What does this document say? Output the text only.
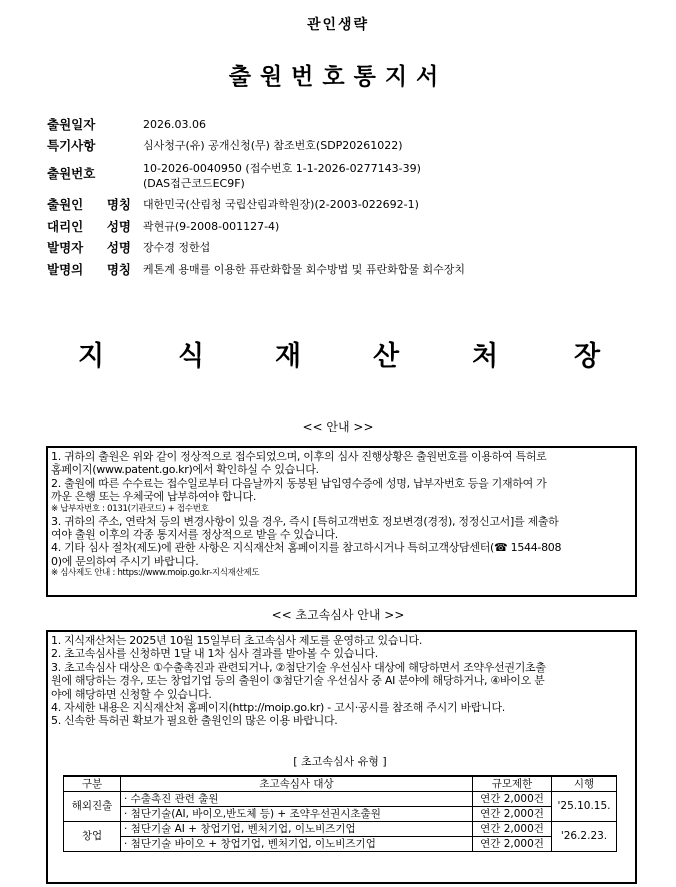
관인생략
출원번호통지서
출원일자	2026.03.06
특기사항	심사청구(유) 공개신청(무) 참조번호(SDP20261022)
출원번호	10-2026-0040950 (접수번호 1-1-2026-0277143-39)
(DAS접근코드EC9F)
출원인 명칭 대한민국(산림청 국립산림과학원장)(2-2003-022692-1)
대리인 성명 곽현규(9-2008-001127-4)
발명자 성명 장수경 정한섭
발명의 명칭 케톤계 용매를 이용한 퓨란화합물 회수방법 및 퓨란화합물 회수장치
지	식	재	산	처	장
<< 안내 >>

1. 귀하의 출원은 위와 같이 정상적으로 접수되었으며, 이후의 심사 진행상황은 출원번호를 이용하여 특허로

홈페이지(www.patent.go.kr)에서 확인하실 수 있습니다.

2. 출원에 따른 수수료는 접수일로부터 다음날까지 동봉된 납입영수증에 성명, 납부자번호 등을 기재하여 가

까운 은행 또는 우체국에 납부하여야 합니다.

※ 납부자번호 : 0131(기관코드) + 접수번호

3. 귀하의 주소, 연락처 등의 변경사항이 있을 경우, 즉시 [특허고객번호 정보변경(경정), 정정신고서]를 제출하

여야 출원 이후의 각종 통지서를 정상적으로 받을 수 있습니다.

4. 기타 심사 절차(제도)에 관한 사항은 지식재산처 홈페이지를 참고하시거나 특허고객상담센터(☎ 1544-808

0)에 문의하여 주시기 바랍니다.

※ 심사제도 안내 : https://www.moip.go.kr-지식재산제도

<< 초고속심사 안내 >>

1. 지식재산처는 2025년 10월 15일부터 초고속심사 제도를 운영하고 있습니다.

2. 초고속심사를 신청하면 1달 내 1차 심사 결과를 받아볼 수 있습니다.

3. 초고속심사 대상은 ①수출촉진과 관련되거나, ②첨단기술 우선심사 대상에 해당하면서 조약우선권기초출

원에 해당하는 경우, 또는 창업기업 등의 출원이 ③첨단기술 우선심사 중 AI 분야에 해당하거나, ④바이오 분

야에 해당하면 신청할 수 있습니다.

4. 자세한 내용은 지식재산처 홈페이지(http://moip.go.kr) - 고시·공시를 참조해 주시기 바랍니다.

5. 신속한 특허권 확보가 필요한 출원인의 많은 이용 바랍니다.

[ 초고속심사 유형 ]
구분	초고속심사 대상	규모제한	시행
해외진출	· 수출촉진 관련 출원	연간 2,000건	'25.10.15.
	· 첨단기술(AI, 바이오,반도체 등) + 조약우선권시초출원	연간 2,000건	
창업	· 첨단기술 AI + 창업기업, 벤처기업, 이노비즈기업	연간 2,000건	'26.2.23.
	· 첨단기술 바이오 + 창업기업, 벤처기업, 이노비즈기업	연간 2,000건	
